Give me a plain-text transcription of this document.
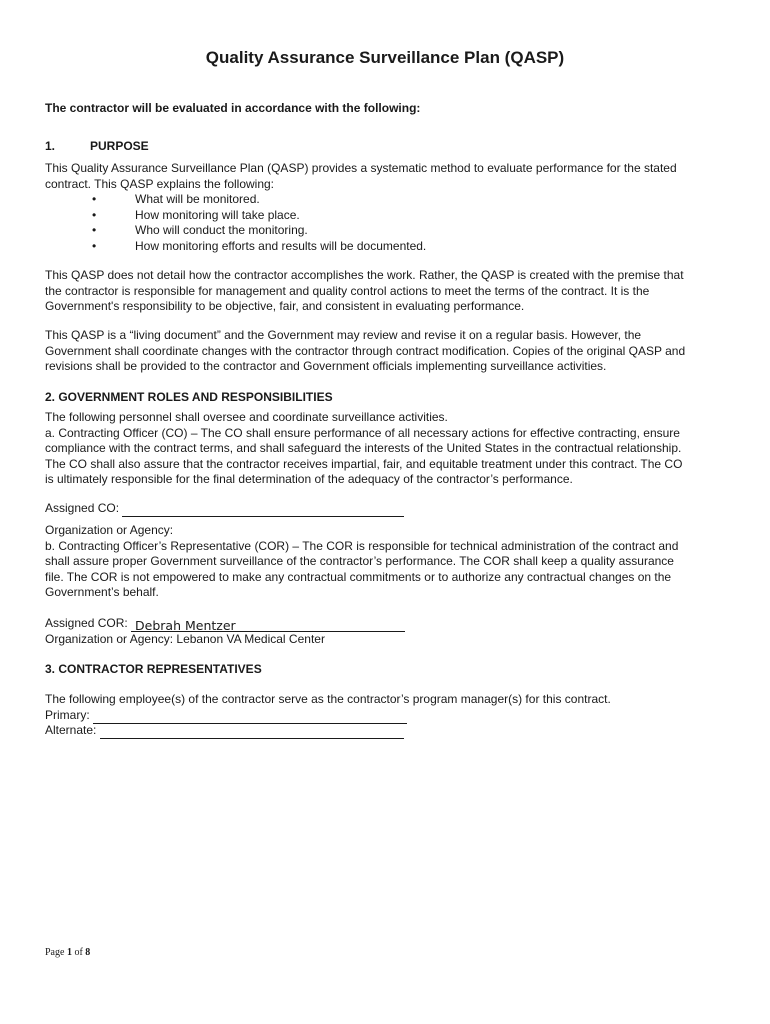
Quality Assurance Surveillance Plan (QASP)
The contractor will be evaluated in accordance with the following:
1.	PURPOSE
This Quality Assurance Surveillance Plan (QASP) provides a systematic method to evaluate performance for the stated
contract. This QASP explains the following:
•	What will be monitored.
•	How monitoring will take place.
•	Who will conduct the monitoring.
•	How monitoring efforts and results will be documented.
This QASP does not detail how the contractor accomplishes the work. Rather, the QASP is created with the premise that
the contractor is responsible for management and quality control actions to meet the terms of the contract. It is the
Government's responsibility to be objective, fair, and consistent in evaluating performance.
This QASP is a “living document” and the Government may review and revise it on a regular basis. However, the
Government shall coordinate changes with the contractor through contract modification. Copies of the original QASP and
revisions shall be provided to the contractor and Government officials implementing surveillance activities.
2. GOVERNMENT ROLES AND RESPONSIBILITIES
The following personnel shall oversee and coordinate surveillance activities.
a. Contracting Officer (CO) – The CO shall ensure performance of all necessary actions for effective contracting, ensure
compliance with the contract terms, and shall safeguard the interests of the United States in the contractual relationship.
The CO shall also assure that the contractor receives impartial, fair, and equitable treatment under this contract. The CO
is ultimately responsible for the final determination of the adequacy of the contractor’s performance.
Assigned CO:
Organization or Agency:
b. Contracting Officer’s Representative (COR) – The COR is responsible for technical administration of the contract and
shall assure proper Government surveillance of the contractor’s performance. The COR shall keep a quality assurance
file. The COR is not empowered to make any contractual commitments or to authorize any contractual changes on the
Government’s behalf.
Assigned COR: Debrah Mentzer
Organization or Agency: Lebanon VA Medical Center
3. CONTRACTOR REPRESENTATIVES
The following employee(s) of the contractor serve as the contractor’s program manager(s) for this contract.
Primary:
Alternate:
Page 1 of 8
